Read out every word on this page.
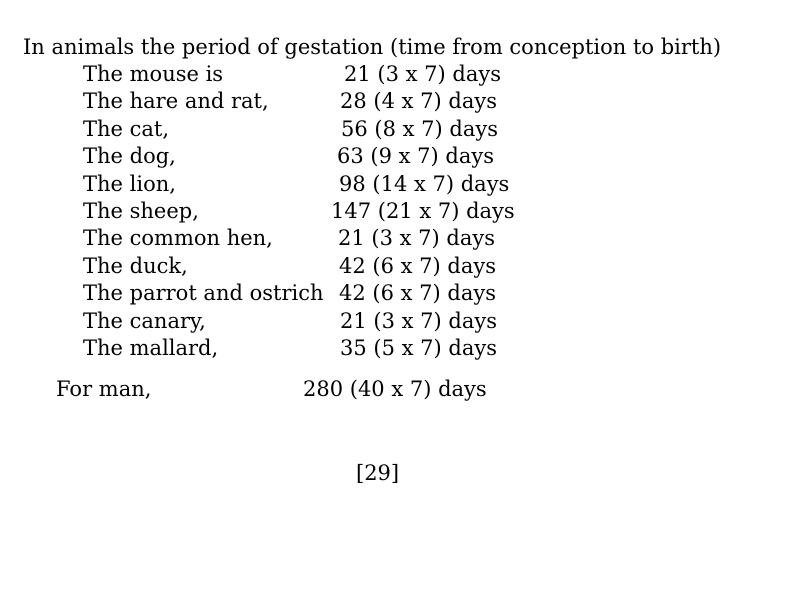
In animals the period of gestation (time from conception to birth)
The mouse is	21 (3 x 7) days
The hare and rat,	28 (4 x 7) days
The cat,	56 (8 x 7) days
The dog,	63 (9 x 7) days
The lion,	98 (14 x 7) days
The sheep,	147 (21 x 7) days
The common hen,	21 (3 x 7) days
The duck,	42 (6 x 7) days
The parrot and ostrich 42 (6 x 7) days
The canary,	21 (3 x 7) days
The mallard,	35 (5 x 7) days
For man,	280 (40 x 7) days
[29]
